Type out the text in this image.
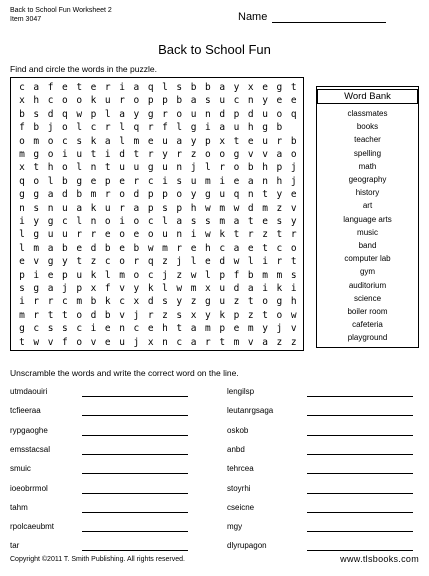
Back to School Fun Worksheet 2
Item 3047	Name
Back to School Fun
Find and circle the words in the puzzle.
c a f e t e r i a q l s b b a y x e g t
x h c o o k u r o p p b a s u c n y e e
b s d q w p l a y g r o u n d p d u o q
f b j o l c r l q r f l g i a u h g b
o m o c s k a l m e u a y p x t e u r b
m g o i u t i d t r y r z o o g v v a o
x t h o l n t u u g u n j l r o b h p j
q o l b g e p e r c i s u m i e a n h j
g g a d b m r o d p p o y g u q n t y e
n s n u a k u r a p s p h w m w d m z v
i y g c l n o i o c l a s s m a t e s y
l g u u r r e o e o u n i w k t r z t r
l m a b e d b e b w m r e h c a e t c o
e v g y t z c o r q z j l e d w l i r t
p i e p u k l m o c j z w l p f b m m s
s g a j p x f v y k l w m x u d a i k i
i r r c m b k c x d s y z g u z t o g h
m r t t o d b v j r z s x y k p z t o w
g c s s c i e n c e h t a m p e m y j v
t w v f o v e u j x n c a r t m v a z z
Word Bank
classmates
books
teacher
spelling
math
geography
history
art
language arts
music
band
computer lab
gym
auditorium
science
boiler room
cafeteria
playground
Unscramble the words and write the correct word on the line.
utmdaouiri
tcfieeraa
rypgaoghe
emsstacsal
smuic
ioeobrrmol
tahm
rpolcaeubmt
tar
lengilsp
leutanrgsaga
oskob
anbd
tehrcea
stoyrhi
cseicne
mgy
dlyrupagon
Copyright ©2011 T. Smith Publishing. All rights reserved.	www.tlsbooks.com
